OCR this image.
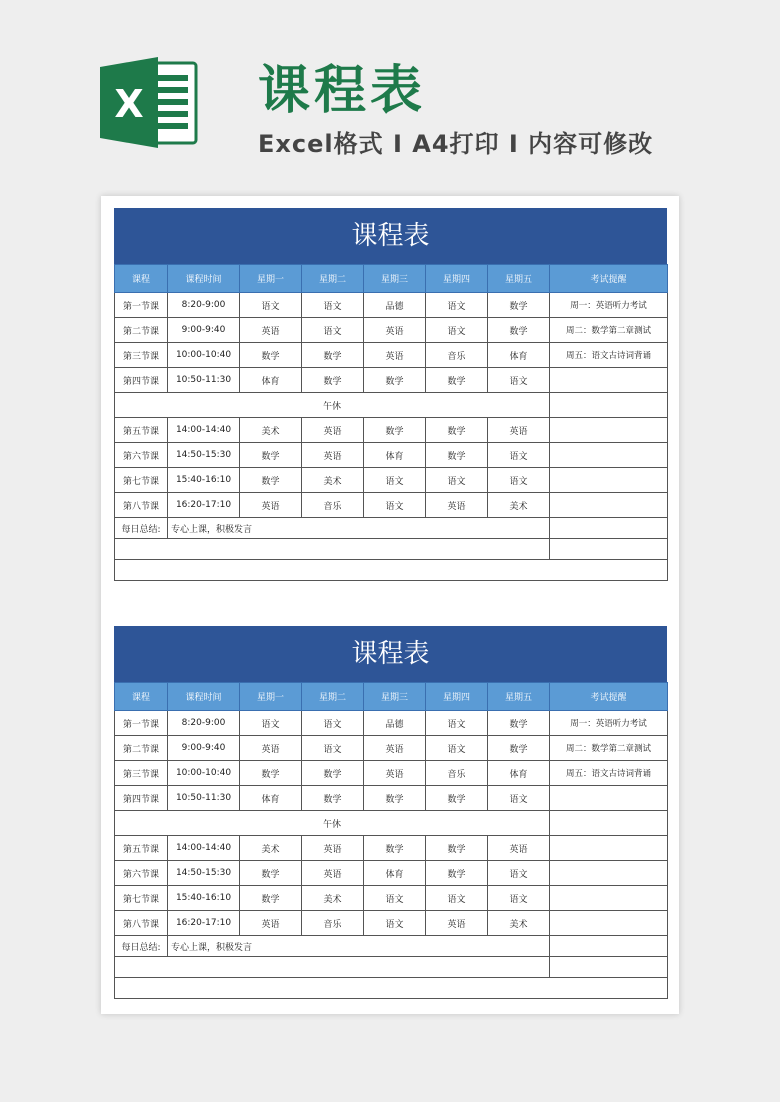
X 课程表
Excel格式 I A4打印 I 内容可修改
课程表
课程	课程时间	星期一	星期二	星期三	星期四	星期五	考试提醒
第一节课	8:20-9:00	语文	语文	品德	语文	数学	周一：英语听力考试
第二节课	9:00-9:40	英语	语文	英语	语文	数学	周二：数学第二章测试
第三节课	10:00-10:40	数学	数学	英语	音乐	体育	周五：语文古诗词背诵
第四节课	10:50-11:30	体育	数学	数学	数学	语文	
午休							
第五节课	14:00-14:40	美术	英语	数学	数学	英语	
第六节课	14:50-15:30	数学	英语	体育	数学	语文	
第七节课	15:40-16:10	数学	美术	语文	语文	语文	
第八节课	16:20-17:10	英语	音乐	语文	英语	美术	
每日总结:	专心上课，积极发言						

课程表
课程	课程时间	星期一	星期二	星期三	星期四	星期五	考试提醒
第一节课	8:20-9:00	语文	语文	品德	语文	数学	周一：英语听力考试
第二节课	9:00-9:40	英语	语文	英语	语文	数学	周二：数学第二章测试
第三节课	10:00-10:40	数学	数学	英语	音乐	体育	周五：语文古诗词背诵
第四节课	10:50-11:30	体育	数学	数学	数学	语文	
午休							
第五节课	14:00-14:40	美术	英语	数学	数学	英语	
第六节课	14:50-15:30	数学	英语	体育	数学	语文	
第七节课	15:40-16:10	数学	美术	语文	语文	语文	
第八节课	16:20-17:10	英语	音乐	语文	英语	美术	
每日总结:	专心上课，积极发言						
